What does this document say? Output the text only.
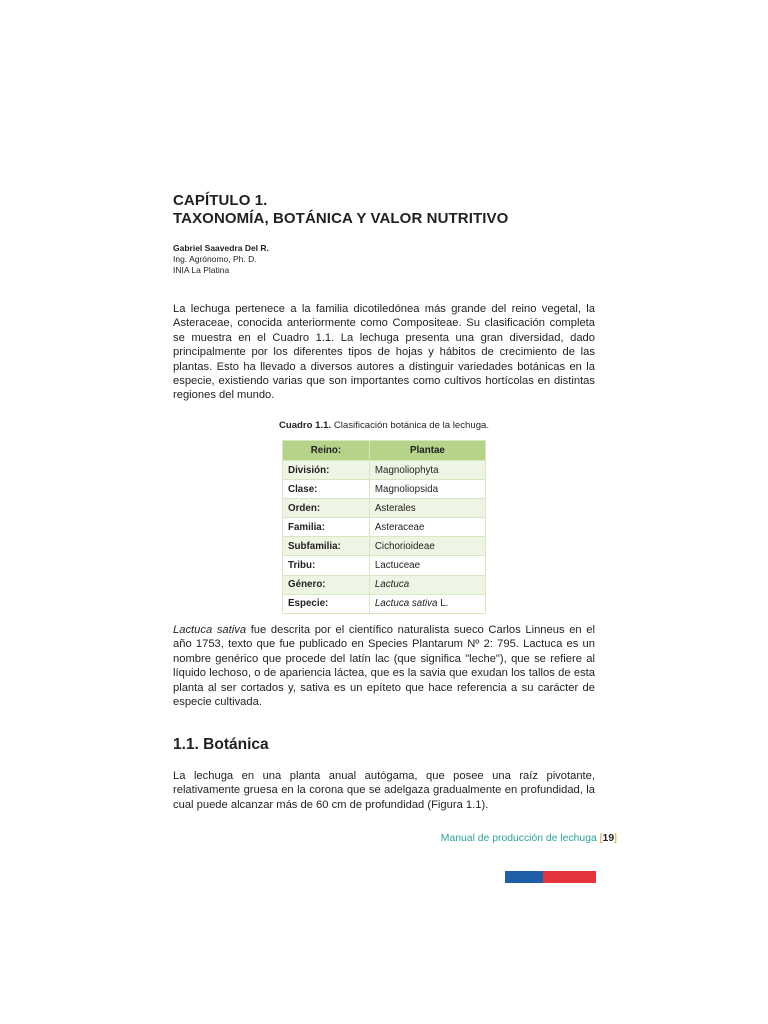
CAPÍTULO 1.
TAXONOMÍA, BOTÁNICA Y VALOR NUTRITIVO
Gabriel Saavedra Del R.
Ing. Agrónomo, Ph. D.
INIA La Platina
La lechuga pertenece a la familia dicotiledónea más grande del reino vegetal, la Asteraceae, conocida anteriormente como Compositeae. Su clasificación completa se muestra en el Cuadro 1.1. La lechuga presenta una gran diversidad, dado principalmente por los diferentes tipos de hojas y hábitos de crecimiento de las plantas. Esto ha llevado a diversos autores a distinguir variedades botánicas en la especie, existiendo varias que son importantes como cultivos hortícolas en distintas regiones del mundo.
Cuadro 1.1. Clasificación botánica de la lechuga.
Reino:	Plantae
División:	Magnoliophyta
Clase:	Magnoliopsida
Orden:	Asterales
Familia:	Asteraceae
Subfamilia:	Cichorioideae
Tribu:	Lactuceae
Género:	Lactuca
Especie:	Lactuca sativa L.
Lactuca sativa fue descrita por el científico naturalista sueco Carlos Linneus en el año 1753, texto que fue publicado en Species Plantarum Nº 2: 795. Lactuca es un nombre genérico que procede del latín lac (que significa "leche"), que se refiere al líquido lechoso, o de apariencia láctea, que es la savia que exudan los tallos de esta planta al ser cortados y, sativa es un epíteto que hace referencia a su carácter de especie cultivada.
1.1. Botánica
La lechuga en una planta anual autógama, que posee una raíz pivotante, relativamente gruesa en la corona que se adelgaza gradualmente en profundidad, la cual puede alcanzar más de 60 cm de profundidad (Figura 1.1).
Manual de producción de lechuga [19]
